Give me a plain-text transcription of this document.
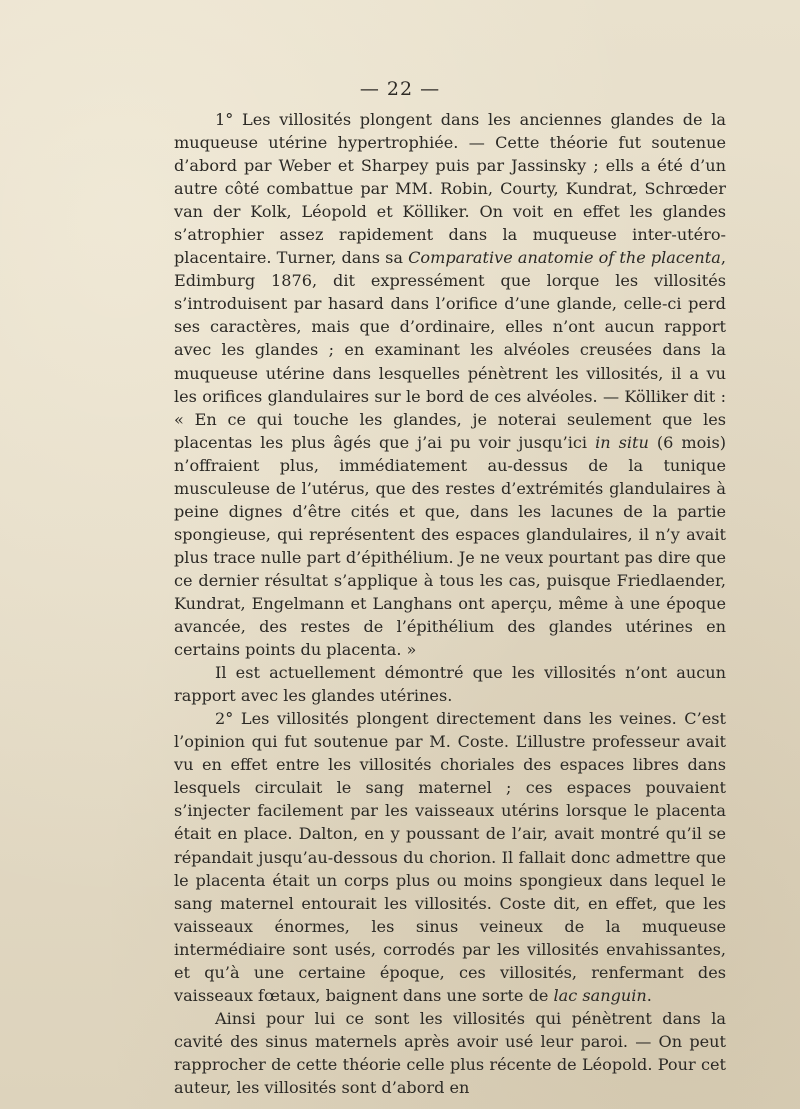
— 22 —

1° Les villosités plongent dans les anciennes glandes de la muqueuse utérine hypertrophiée. — Cette théorie fut soutenue d’abord par Weber et Sharpey puis par Jassinsky ; ells a été d’un autre côté combattue par MM. Robin, Courty, Kundrat, Schrœder van der Kolk, Léopold et Kölliker. On voit en effet les glandes s’atrophier assez rapidement dans la muqueuse inter-utéro-placentaire. Turner, dans sa Comparative anatomie of the placenta, Edimburg 1876, dit expressément que lorque les villosités s’introduisent par hasard dans l’orifice d’une glande, celle-ci perd ses caractères, mais que d’ordinaire, elles n’ont aucun rapport avec les glandes ; en examinant les alvéoles creusées dans la muqueuse utérine dans lesquelles pénètrent les villosités, il a vu les orifices glandulaires sur le bord de ces alvéoles. — Kölliker dit : « En ce qui touche les glandes, je noterai seulement que les placentas les plus âgés que j’ai pu voir jusqu’ici in situ (6 mois) n’offraient plus, immédiatement au-dessus de la tunique musculeuse de l’utérus, que des restes d’extrémités glandulaires à peine dignes d’être cités et que, dans les lacunes de la partie spongieuse, qui représentent des espaces glandulaires, il n’y avait plus trace nulle part d’épithélium. Je ne veux pourtant pas dire que ce dernier résultat s’applique à tous les cas, puisque Friedlaender, Kundrat, Engelmann et Langhans ont aperçu, même à une époque avancée, des restes de l’épithélium des glandes utérines en certains points du placenta. »

Il est actuellement démontré que les villosités n’ont aucun rapport avec les glandes utérines.

2° Les villosités plongent directement dans les veines. C’est l’opinion qui fut soutenue par M. Coste. L’illustre professeur avait vu en effet entre les villosités choriales des espaces libres dans lesquels circulait le sang maternel ; ces espaces pouvaient s’injecter facilement par les vaisseaux utérins lorsque le placenta était en place. Dalton, en y poussant de l’air, avait montré qu’il se répandait jusqu’au-dessous du chorion. Il fallait donc admettre que le placenta était un corps plus ou moins spongieux dans lequel le sang maternel entourait les villosités. Coste dit, en effet, que les vaisseaux énormes, les sinus veineux de la muqueuse intermédiaire sont usés, corrodés par les villosités envahissantes, et qu’à une certaine époque, ces villosités, renfermant des vaisseaux fœtaux, baignent dans une sorte de lac sanguin.

Ainsi pour lui ce sont les villosités qui pénètrent dans la cavité des sinus maternels après avoir usé leur paroi. — On peut rapprocher de cette théorie celle plus récente de Léopold. Pour cet auteur, les villosités sont d’abord en
